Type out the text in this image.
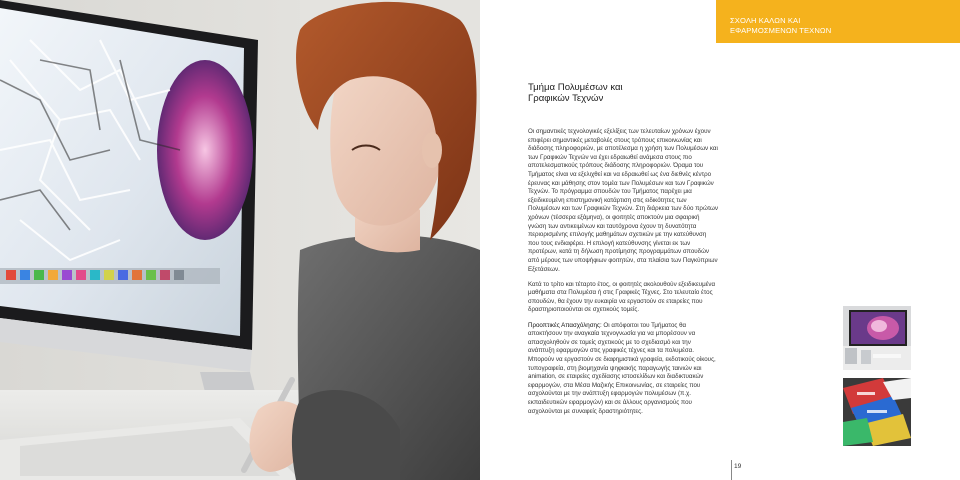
ΣΧΟΛΗ ΚΑΛΩΝ ΚΑΙ
ΕΦΑΡΜΟΣΜΕΝΩΝ ΤΕΧΝΩΝ
Τμήμα Πολυμέσων και
Γραφικών Τεχνών

Οι σημαντικές τεχνολογικές εξελίξεις των τελευταίων χρόνων έχουν επιφέρει σημαντικές μεταβολές στους τρόπους επικοινωνίας και διάδοσης πληροφοριών, με αποτέλεσμα η χρήση των Πολυμέσων και των Γραφικών Τεχνών να έχει εδραιωθεί ανάμεσα στους πιο αποτελεσματικούς τρόπους διάδοσης πληροφοριών. Όραμα του Τμήματος είναι να εξελιχθεί και να εδραιωθεί ως ένα διεθνές κέντρο έρευνας και μάθησης στον τομέα των Πολυμέσων και των Γραφικών Τεχνών. Το πρόγραμμα σπουδών του Τμήματος παρέχει μια εξειδικευμένη επιστημονική κατάρτιση στις ειδικότητες των Πολυμέσων και των Γραφικών Τεχνών. Στη διάρκεια των δύο πρώτων χρόνων (τέσσερα εξάμηνα), οι φοιτητές αποκτούν μια σφαιρική γνώση των αντικειμένων και ταυτόχρονα έχουν τη δυνατότητα περιορισμένης επιλογής μαθημάτων σχετικών με την κατεύθυνση που τους ενδιαφέρει. Η επιλογή κατεύθυνσης γίνεται εκ των προτέρων, κατά τη δήλωση προτίμησης προγραμμάτων σπουδών από μέρους των υποψήφιων φοιτητών, στα πλαίσια των Παγκύπριων Εξετάσεων.

Κατά το τρίτο και τέταρτο έτος, οι φοιτητές ακολουθούν εξειδικευμένα μαθήματα στα Πολυμέσα ή στις Γραφικές Τέχνες. Στο τελευταίο έτος σπουδών, θα έχουν την ευκαιρία να εργαστούν σε εταιρείες που δραστηριοποιούνται σε σχετικούς τομείς.

Προοπτικές Απασχόλησης: Οι απόφοιτοι του Τμήματος θα αποκτήσουν την αναγκαία τεχνογνωσία για να μπορέσουν να απασχοληθούν σε τομείς σχετικούς με το σχεδιασμό και την ανάπτυξη εφαρμογών στις γραφικές τέχνες και τα πολυμέσα. Μπορούν να εργαστούν σε διαφημιστικά γραφεία, εκδοτικούς οίκους, τυπογραφεία, στη βιομηχανία ψηφιακής παραγωγής ταινιών και animation, σε εταιρείες σχεδίασης ιστοσελίδων και διαδικτυακών εφαρμογών, στα Μέσα Μαζικής Επικοινωνίας, σε εταιρείες που ασχολούνται με την ανάπτυξη εφαρμογών πολυμέσων (π.χ. εκπαιδευτικών εφαρμογών) και σε άλλους οργανισμούς που ασχολούνται με συναφείς δραστηριότητες.

19
